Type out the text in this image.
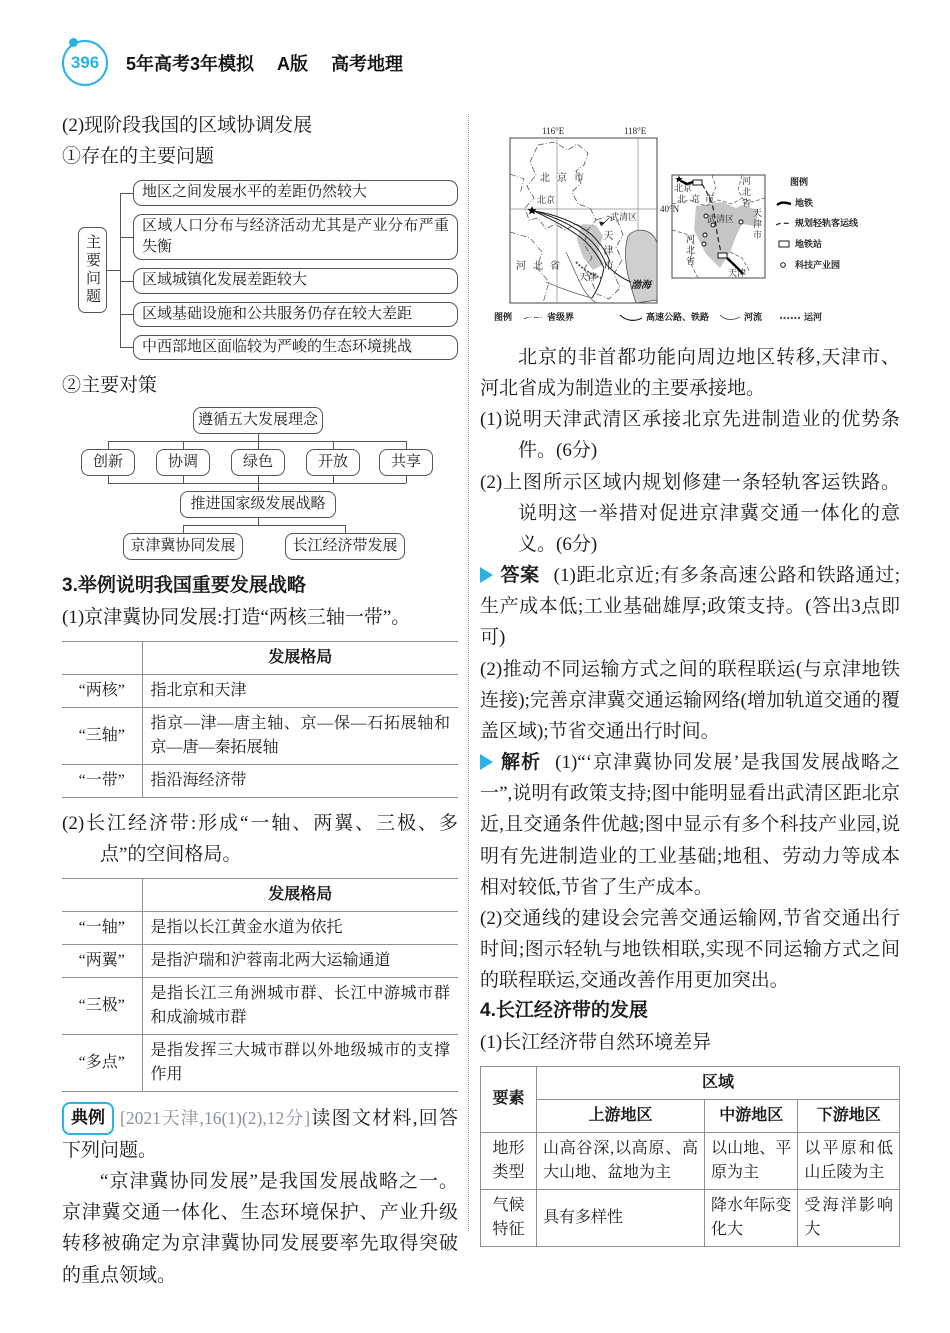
396 5年高考3年模拟 A版 高考地理

(2)现阶段我国的区域协调发展

①存在的主要问题

主要问题
地区之间发展水平的差距仍然较大
区域人口分布与经济活动尤其是产业分布严重失衡
区域城镇化发展差距较大
区域基础设施和公共服务仍存在较大差距
中西部地区面临较为严峻的生态环境挑战

②主要对策

遵循五大发展理念
创新	协调	绿色	开放	共享
推进国家级发展战略
京津冀协同发展	长江经济带发展

3.举例说明我国重要发展战略

(1)京津冀协同发展:打造“两核三轴一带”。

	发展格局
“两核”	指北京和天津
“三轴”	指京—津—唐主轴、京—保—石拓展轴和京—唐—秦拓展轴
“一带”	指沿海经济带

(2)长江经济带:形成“一轴、两翼、三极、多点”的空间格局。

	发展格局
“一轴”	是指以长江黄金水道为依托
“两翼”	是指沪瑞和沪蓉南北两大运输通道
“三极”	是指长江三角洲城市群、长江中游城市群和成渝城市群
“多点”	是指发挥三大城市群以外地级城市的支撑作用

典例 [2021天津,16(1)(2),12分]读图文材料,回答下列问题。

“京津冀协同发展”是我国发展战略之一。京津冀交通一体化、生态环境保护、产业升级转移被确定为京津冀协同发展要率先取得突破的重点领域。

116°E	118°E
40°N
北京市
北京
武清区
天津市
河北省
天津
渤海
北京
北京市 河北省
天津市
武清区
河北省
天津
图例
地铁
规划轻轨客运线
地铁站
科技产业园
图例	省级界	高速公路、铁路	河流	运河

北京的非首都功能向周边地区转移,天津市、河北省成为制造业的主要承接地。

(1)说明天津武清区承接北京先进制造业的优势条件。(6分)

(2)上图所示区域内规划修建一条轻轨客运铁路。说明这一举措对促进京津冀交通一体化的意义。(6分)

答案 (1)距北京近;有多条高速公路和铁路通过;生产成本低;工业基础雄厚;政策支持。(答出3点即可)

(2)推动不同运输方式之间的联程联运(与京津地铁连接);完善京津冀交通运输网络(增加轨道交通的覆盖区域);节省交通出行时间。

解析 (1)“‘京津冀协同发展’是我国发展战略之一”,说明有政策支持;图中能明显看出武清区距北京近,且交通条件优越;图中显示有多个科技产业园,说明有先进制造业的工业基础;地租、劳动力等成本相对较低,节省了生产成本。

(2)交通线的建设会完善交通运输网,节省交通出行时间;图示轻轨与地铁相联,实现不同运输方式之间的联程联运,交通改善作用更加突出。

4.长江经济带的发展

(1)长江经济带自然环境差异

要素	区域		
	上游地区	中游地区	下游地区
地形类型	山高谷深,以高原、高大山地、盆地为主	以山地、平原为主	以平原和低山丘陵为主
气候特征	具有多样性	降水年际变化大	受海洋影响大
